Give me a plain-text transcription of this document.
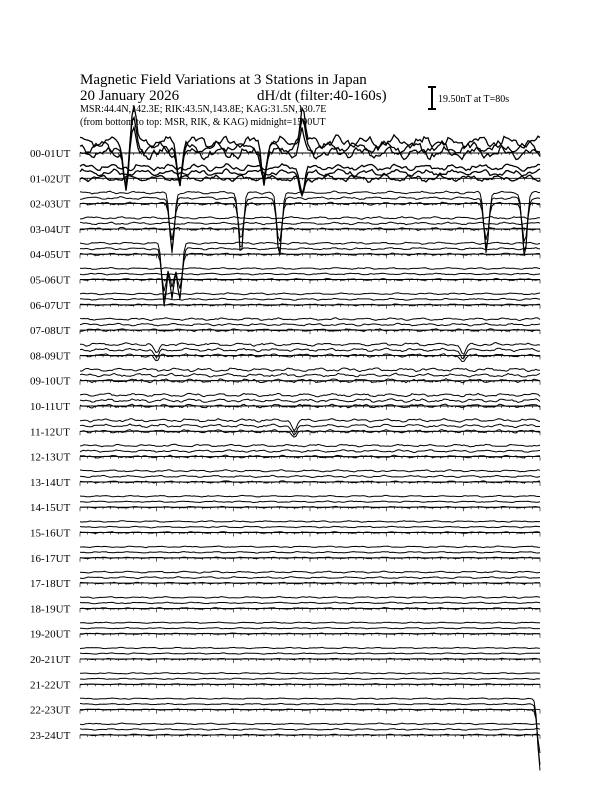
Magnetic Field Variations at 3 Stations in Japan
20 January 2026	dH/dt (filter:40-160s)
MSR:44.4N,142.3E; RIK:43.5N,143.8E; KAG:31.5N,130.7E
(from bottom to top: MSR, RIK, & KAG) midnight=1500UT
19.50nT at T=80s
00-01UT
01-02UT
02-03UT
03-04UT
04-05UT
05-06UT
06-07UT
07-08UT
08-09UT
09-10UT
10-11UT
11-12UT
12-13UT
13-14UT
14-15UT
15-16UT
16-17UT
17-18UT
18-19UT
19-20UT
20-21UT
21-22UT
22-23UT
23-24UT
